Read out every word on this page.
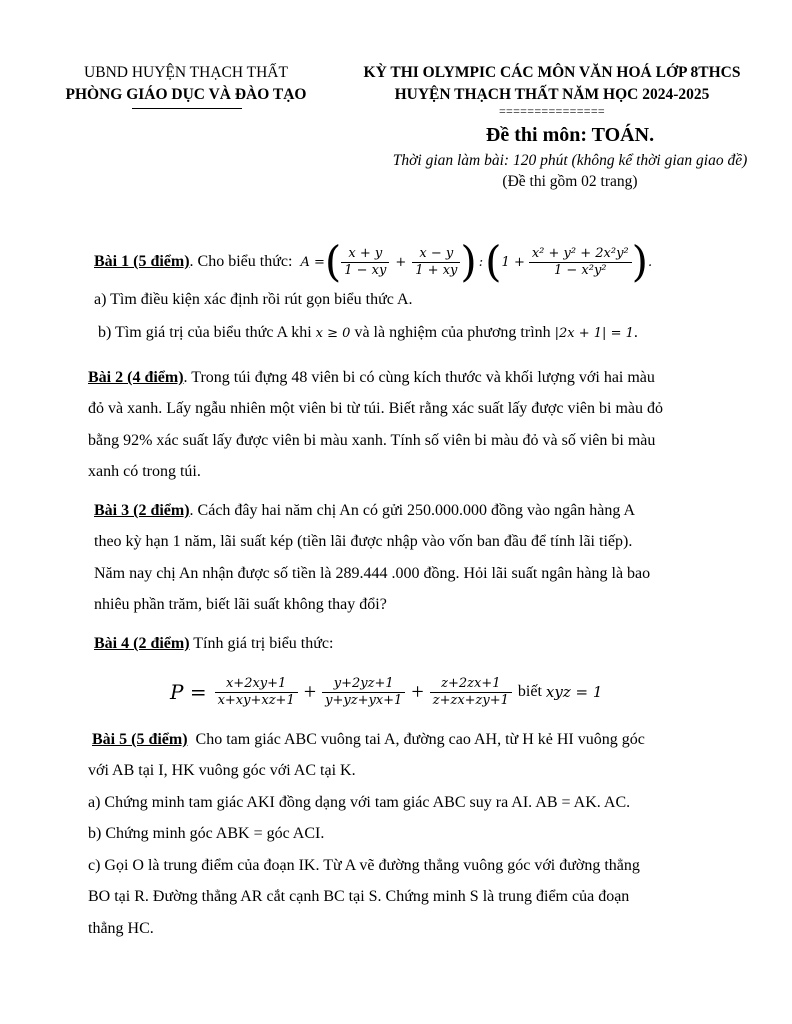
UBND HUYỆN THẠCH THẤT
PHÒNG GIÁO DỤC VÀ ĐÀO TẠO
KỲ THI OLYMPIC CÁC MÔN VĂN HOÁ LỚP 8THCS
HUYỆN THẠCH THẤT NĂM HỌC 2024-2025
===============
Đề thi môn: TOÁN.
Thời gian làm bài: 120 phút (không kể thời gian giao đề)
(Đề thi gồm 02 trang)
Bài 1 (5 điểm) . Cho biểu thức: A = ( $\frac{x + y}{1 - xy} + \frac{x - y}{1 + xy}$ ) : ( $1 + \frac{\text{x² + y² + 2x²y²}}{\text{1 − x²y²}}$ ) .
a) Tìm điều kiện xác định rồi rút gọn biểu thức A.
b) Tìm giá trị của biểu thức A khi x ≥ 0 và là nghiệm của phương trình |2x + 1| = 1.
Bài 2 (4 điểm). Trong túi đựng 48 viên bi có cùng kích thước và khối lượng với hai màu
đỏ và xanh. Lấy ngẫu nhiên một viên bi từ túi. Biết rằng xác suất lấy được viên bi màu đỏ
bằng 92% xác suất lấy được viên bi màu xanh. Tính số viên bi màu đỏ và số viên bi màu
xanh có trong túi.
Bài 3 (2 điểm). Cách đây hai năm chị An có gửi 250.000.000 đồng vào ngân hàng A
theo kỳ hạn 1 năm, lãi suất kép (tiền lãi được nhập vào vốn ban đầu để tính lãi tiếp).
Năm nay chị An nhận được số tiền là 289.444 .000 đồng. Hỏi lãi suất ngân hàng là bao
nhiêu phần trăm, biết lãi suất không thay đổi?
Bài 4 (2 điểm) Tính giá trị biểu thức:
$P = \frac{x+2xy+1}{x+xy+xz+1} + \frac{y+2yz+1}{y+yz+yx+1} + \frac{z+2zx+1}{z+zx+zy+1}$ biết xyz = 1
Bài 5 (5 điểm)  Cho tam giác ABC vuông tai A, đường cao AH, từ H kẻ HI vuông góc
với AB tại I, HK vuông góc với AC tại K.
a) Chứng minh tam giác AKI đồng dạng với tam giác ABC suy ra AI. AB = AK. AC.
b) Chứng minh góc ABK = góc ACI.
c) Gọi O là trung điểm của đoạn IK. Từ A vẽ đường thẳng vuông góc với đường thẳng
BO tại R. Đường thẳng AR cắt cạnh BC tại S. Chứng minh S là trung điểm của đoạn
thẳng HC.
